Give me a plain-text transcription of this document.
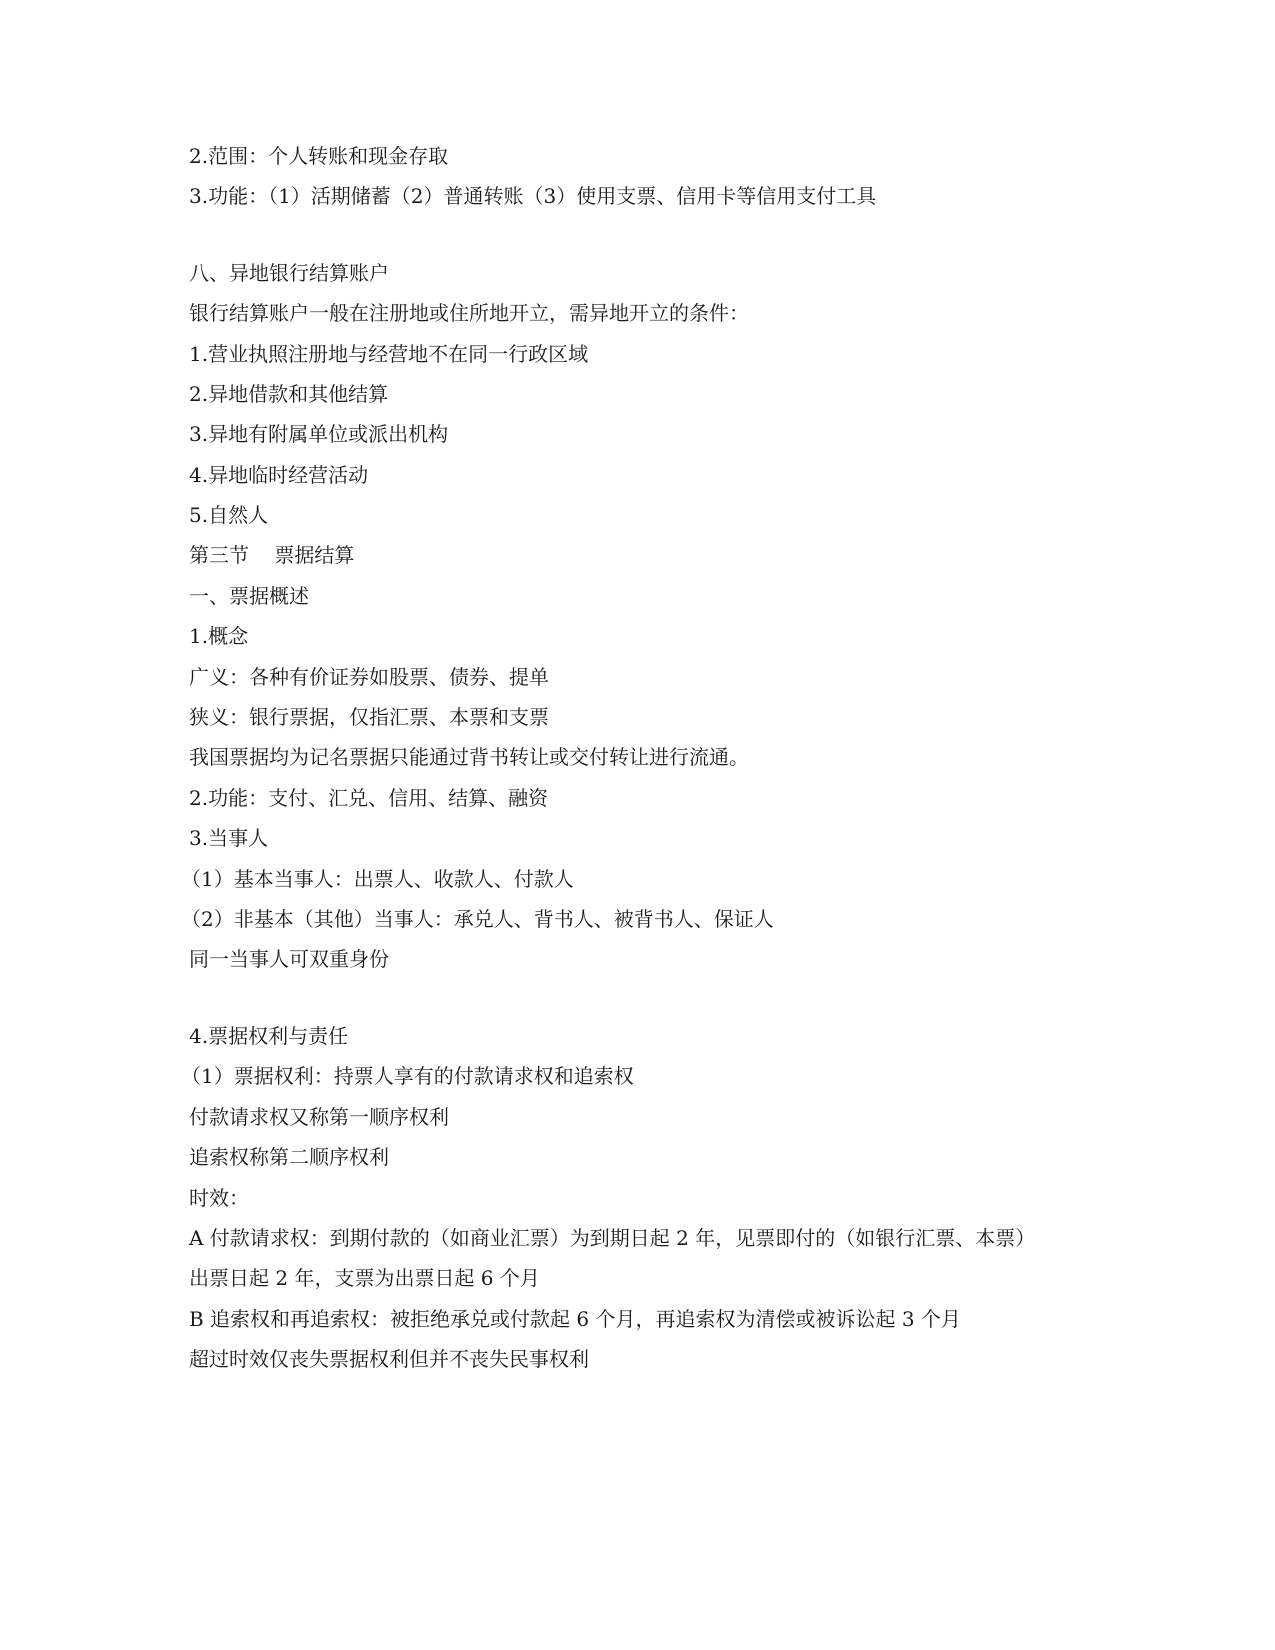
2.范围：个人转账和现金存取

3.功能：（1）活期储蓄（2）普通转账（3）使用支票、信用卡等信用支付工具

八、异地银行结算账户

银行结算账户一般在注册地或住所地开立，需异地开立的条件：

1.营业执照注册地与经营地不在同一行政区域

2.异地借款和其他结算

3.异地有附属单位或派出机构

4.异地临时经营活动

5.自然人

第三节    票据结算

一、票据概述

1.概念

广义：各种有价证券如股票、债券、提单

狭义：银行票据，仅指汇票、本票和支票

我国票据均为记名票据只能通过背书转让或交付转让进行流通。

2.功能：支付、汇兑、信用、结算、融资

3.当事人

（1）基本当事人：出票人、收款人、付款人

（2）非基本（其他）当事人：承兑人、背书人、被背书人、保证人

同一当事人可双重身份

4.票据权利与责任

（1）票据权利：持票人享有的付款请求权和追索权

付款请求权又称第一顺序权利

追索权称第二顺序权利

时效：

A 付款请求权：到期付款的（如商业汇票）为到期日起 2 年，见票即付的（如银行汇票、本票）

出票日起 2 年，支票为出票日起 6 个月

B 追索权和再追索权：被拒绝承兑或付款起 6 个月，再追索权为清偿或被诉讼起 3 个月

超过时效仅丧失票据权利但并不丧失民事权利
